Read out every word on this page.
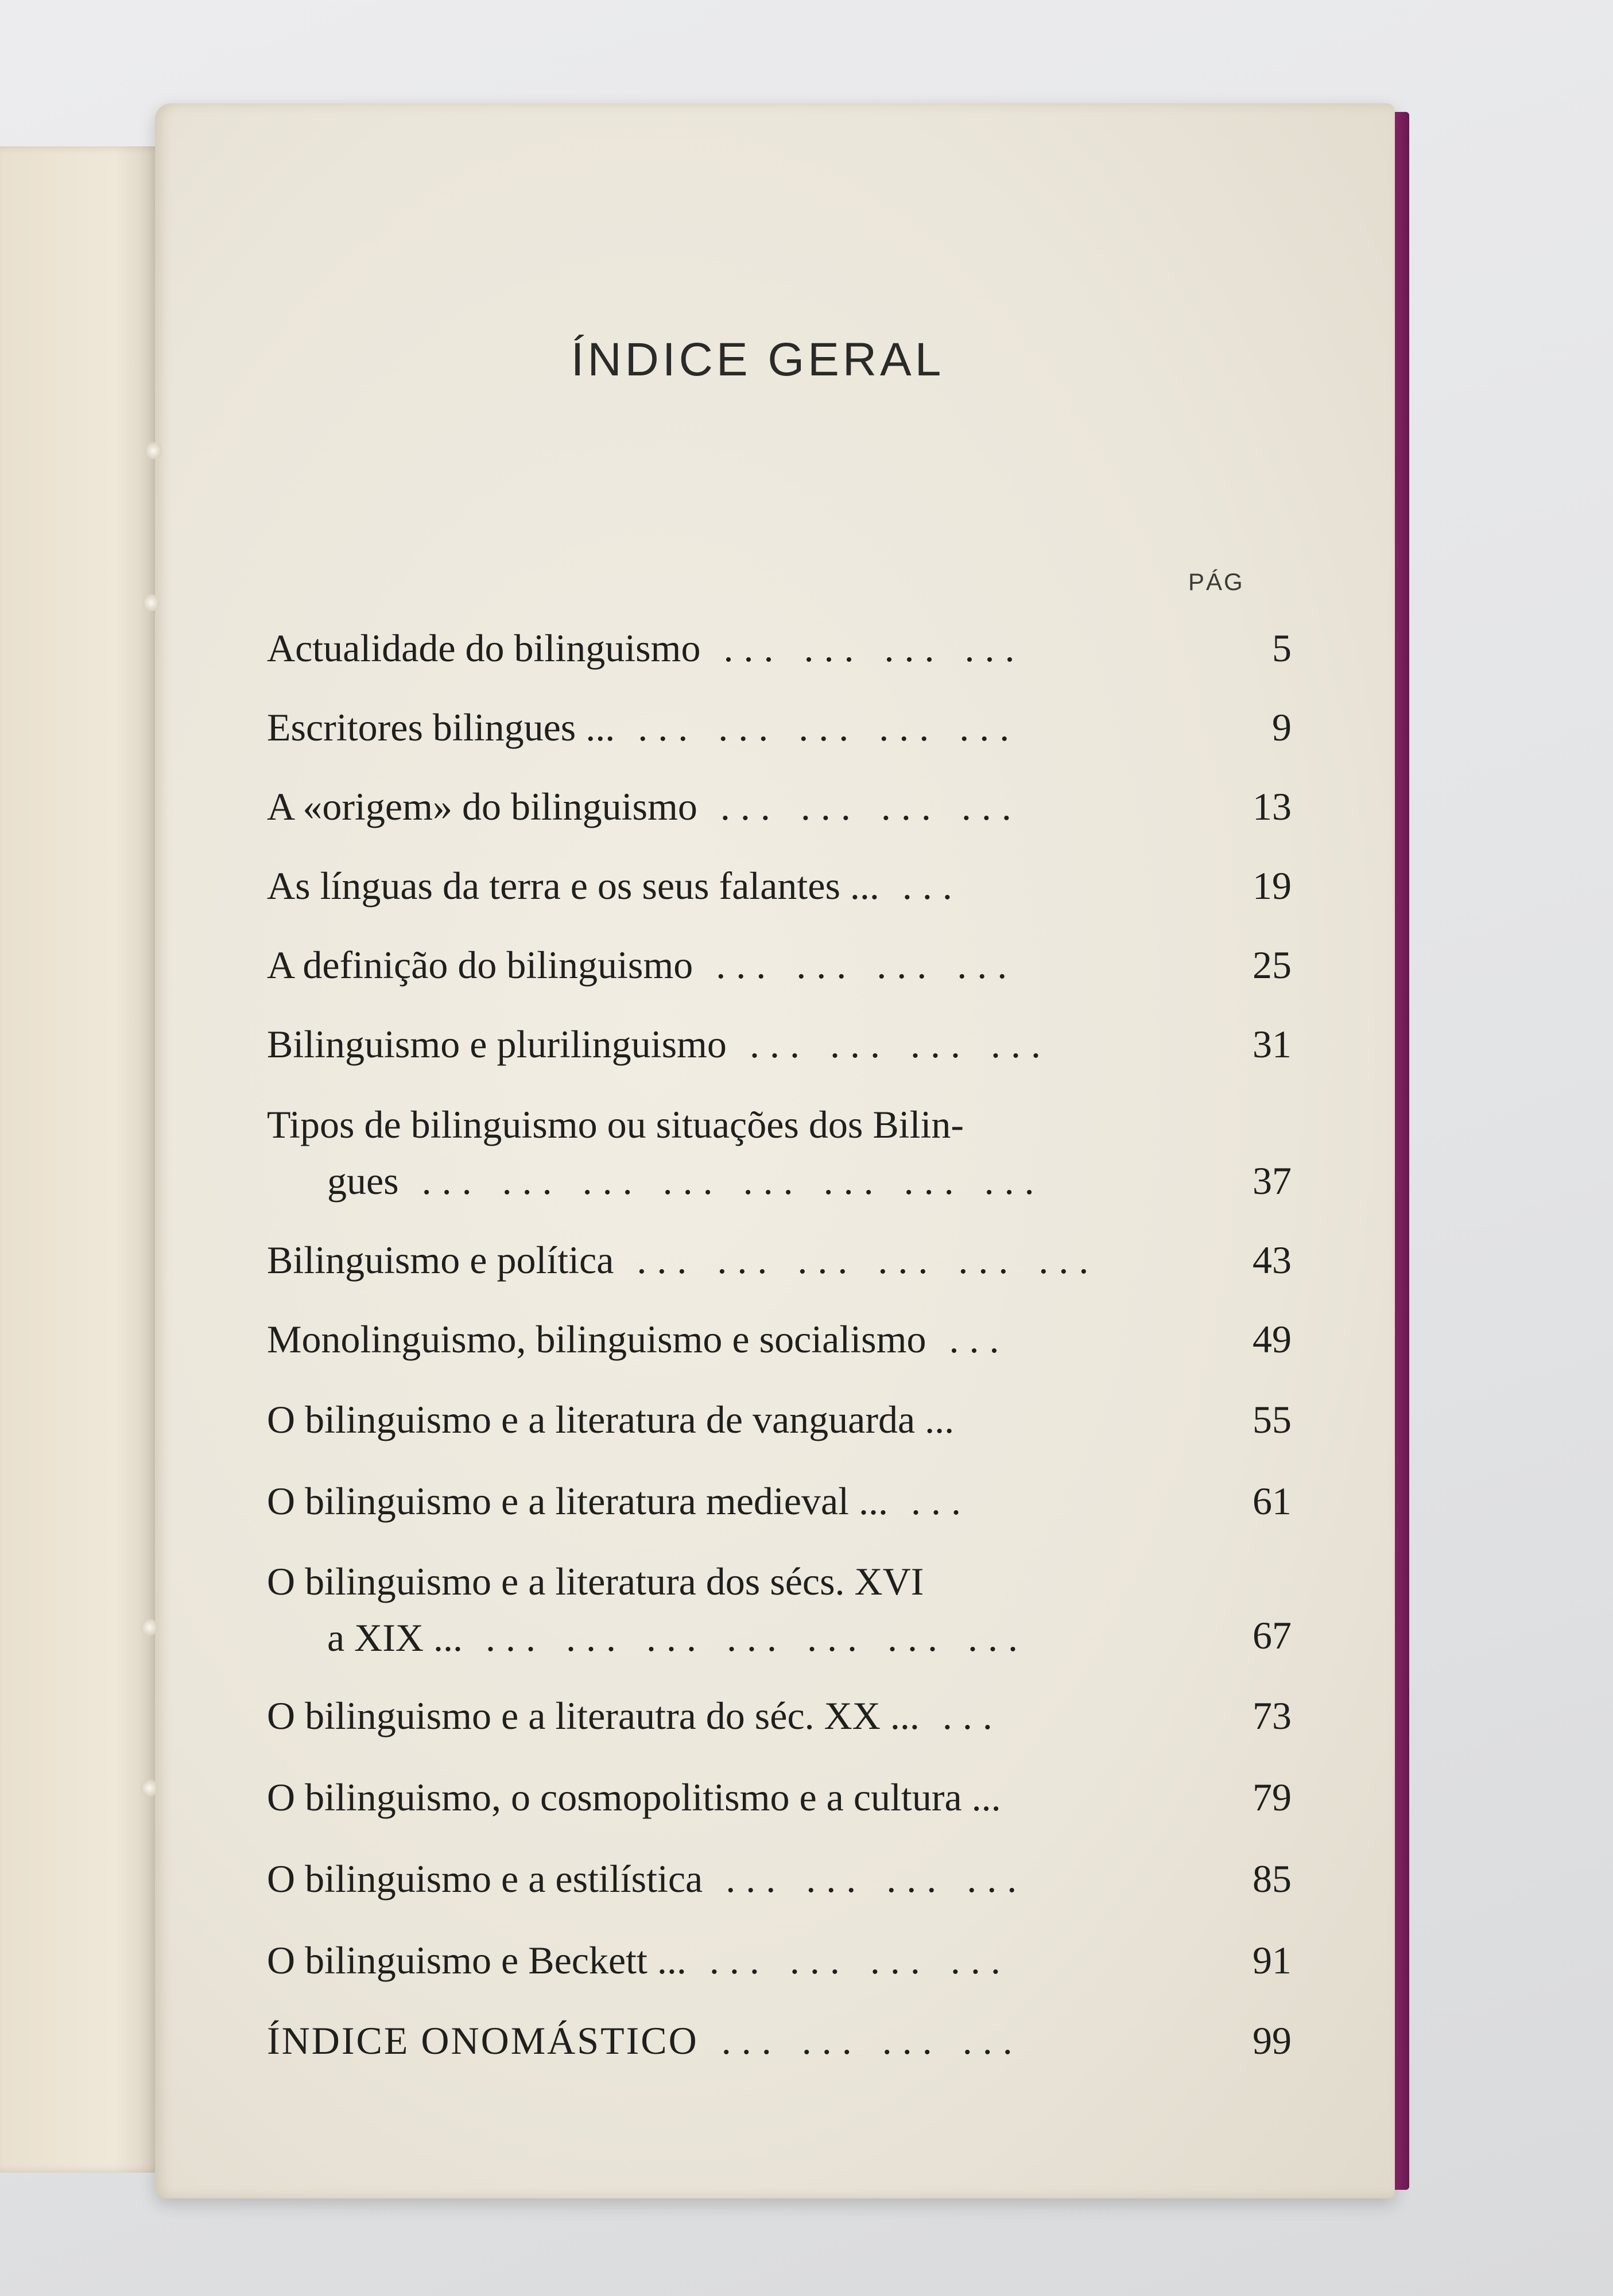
ÍNDICE GERAL
PÁG
Actualidade do bilinguismo ... ... ... ...	5
Escritores bilingues ... ... ... ... ... ...	9
A «origem» do bilinguismo ... ... ... ...	13
As línguas da terra e os seus falantes ... ...	19
A definição do bilinguismo ... ... ... ...	25
Bilinguismo e plurilinguismo ... ... ... ...	31
Tipos de bilinguismo ou situações dos Bilin-
gues ... ... ... ... ... ... ... ...	37
Bilinguismo e política ... ... ... ... ... ...	43
Monolinguismo, bilinguismo e socialismo ...	49
O bilinguismo e a literatura de vanguarda ...	55
O bilinguismo e a literatura medieval ... ...	61
O bilinguismo e a literatura dos sécs. XVI
a XIX ... ... ... ... ... ... ... ...	67
O bilinguismo e a literautra do séc. XX ... ...	73
O bilinguismo, o cosmopolitismo e a cultura ...	79
O bilinguismo e a estilística ... ... ... ...	85
O bilinguismo e Beckett ... ... ... ... ...	91
ÍNDICE ONOMÁSTICO ... ... ... ...	99
